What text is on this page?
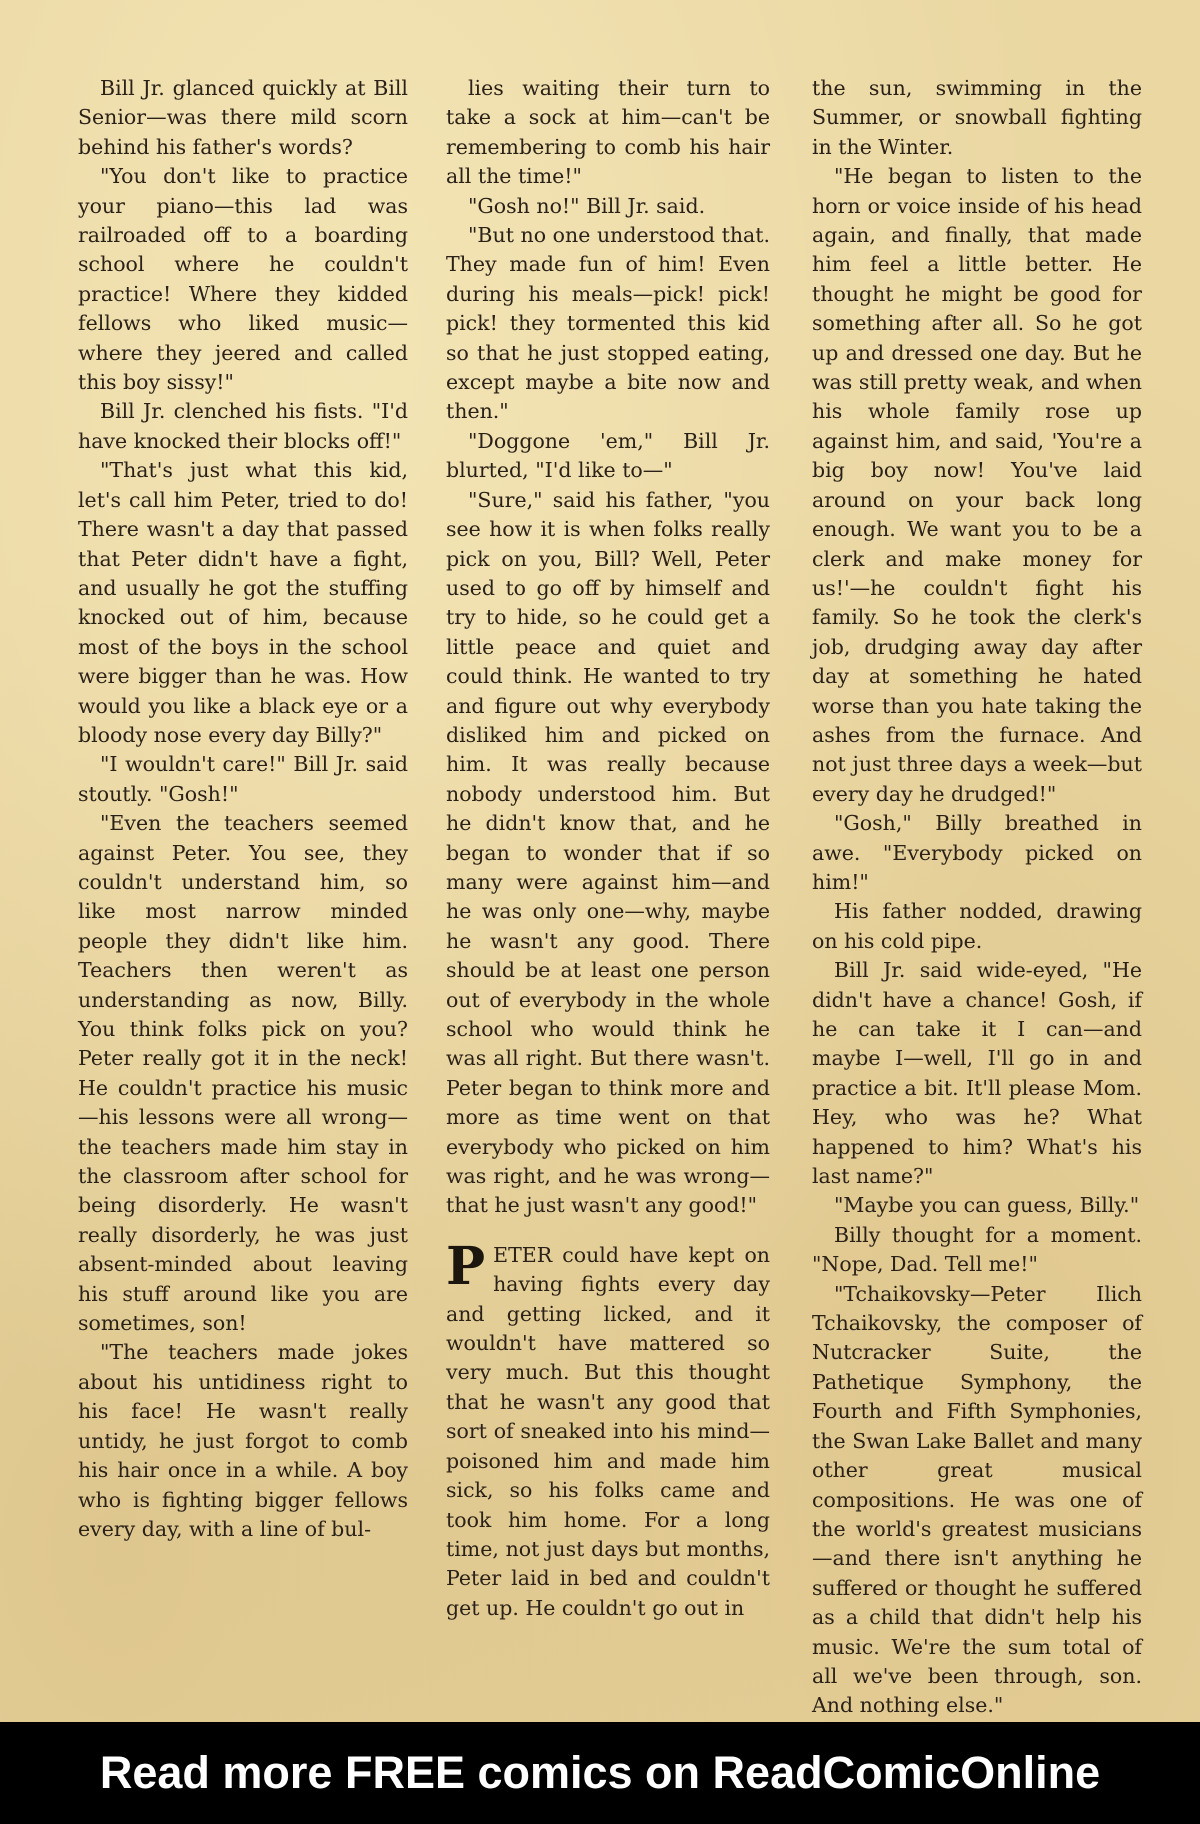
Bill Jr. glanced quickly at Bill Senior—was there mild scorn behind his father's words?

"You don't like to practice your piano—this lad was railroaded off to a boarding school where he couldn't practice! Where they kidded fellows who liked music—where they jeered and called this boy sissy!"

Bill Jr. clenched his fists. "I'd have knocked their blocks off!"

"That's just what this kid, let's call him Peter, tried to do! There wasn't a day that passed that Peter didn't have a fight, and usually he got the stuffing knocked out of him, because most of the boys in the school were bigger than he was. How would you like a black eye or a bloody nose every day Billy?"

"I wouldn't care!" Bill Jr. said stoutly. "Gosh!"

"Even the teachers seemed against Peter. You see, they couldn't understand him, so like most narrow minded people they didn't like him. Teachers then weren't as understanding as now, Billy. You think folks pick on you? Peter really got it in the neck! He couldn't practice his music—his lessons were all wrong—the teachers made him stay in the classroom after school for being disorderly. He wasn't really disorderly, he was just absent-minded about leaving his stuff around like you are sometimes, son!

"The teachers made jokes about his untidiness right to his face! He wasn't really untidy, he just forgot to comb his hair once in a while. A boy who is fighting bigger fellows every day, with a line of bul-

lies waiting their turn to take a sock at him—can't be remembering to comb his hair all the time!"

"Gosh no!" Bill Jr. said.

"But no one understood that. They made fun of him! Even during his meals—pick! pick! pick! they tormented this kid so that he just stopped eating, except maybe a bite now and then."

"Doggone 'em," Bill Jr. blurted, "I'd like to—"

"Sure," said his father, "you see how it is when folks really pick on you, Bill? Well, Peter used to go off by himself and try to hide, so he could get a little peace and quiet and could think. He wanted to try and figure out why everybody disliked him and picked on him. It was really because nobody understood him. But he didn't know that, and he began to wonder that if so many were against him—and he was only one—why, maybe he wasn't any good. There should be at least one person out of everybody in the whole school who would think he was all right. But there wasn't. Peter began to think more and more as time went on that everybody who picked on him was right, and he was wrong—that he just wasn't any good!"

PETER could have kept on having fights every day and getting licked, and it wouldn't have mattered so very much. But this thought that he wasn't any good that sort of sneaked into his mind—poisoned him and made him sick, so his folks came and took him home. For a long time, not just days but months, Peter laid in bed and couldn't get up. He couldn't go out in

the sun, swimming in the Summer, or snowball fighting in the Winter.

"He began to listen to the horn or voice inside of his head again, and finally, that made him feel a little better. He thought he might be good for something after all. So he got up and dressed one day. But he was still pretty weak, and when his whole family rose up against him, and said, 'You're a big boy now! You've laid around on your back long enough. We want you to be a clerk and make money for us!'—he couldn't fight his family. So he took the clerk's job, drudging away day after day at something he hated worse than you hate taking the ashes from the furnace. And not just three days a week—but every day he drudged!"

"Gosh," Billy breathed in awe. "Everybody picked on him!"

His father nodded, drawing on his cold pipe.

Bill Jr. said wide-eyed, "He didn't have a chance! Gosh, if he can take it I can—and maybe I—well, I'll go in and practice a bit. It'll please Mom. Hey, who was he? What happened to him? What's his last name?"

"Maybe you can guess, Billy."

Billy thought for a moment. "Nope, Dad. Tell me!"

"Tchaikovsky—Peter Ilich Tchaikovsky, the composer of Nutcracker Suite, the Pathetique Symphony, the Fourth and Fifth Symphonies, the Swan Lake Ballet and many other great musical compositions. He was one of the world's greatest musicians—and there isn't anything he suffered or thought he suffered as a child that didn't help his music. We're the sum total of all we've been through, son. And nothing else."

Read more FREE comics on ReadComicOnline
